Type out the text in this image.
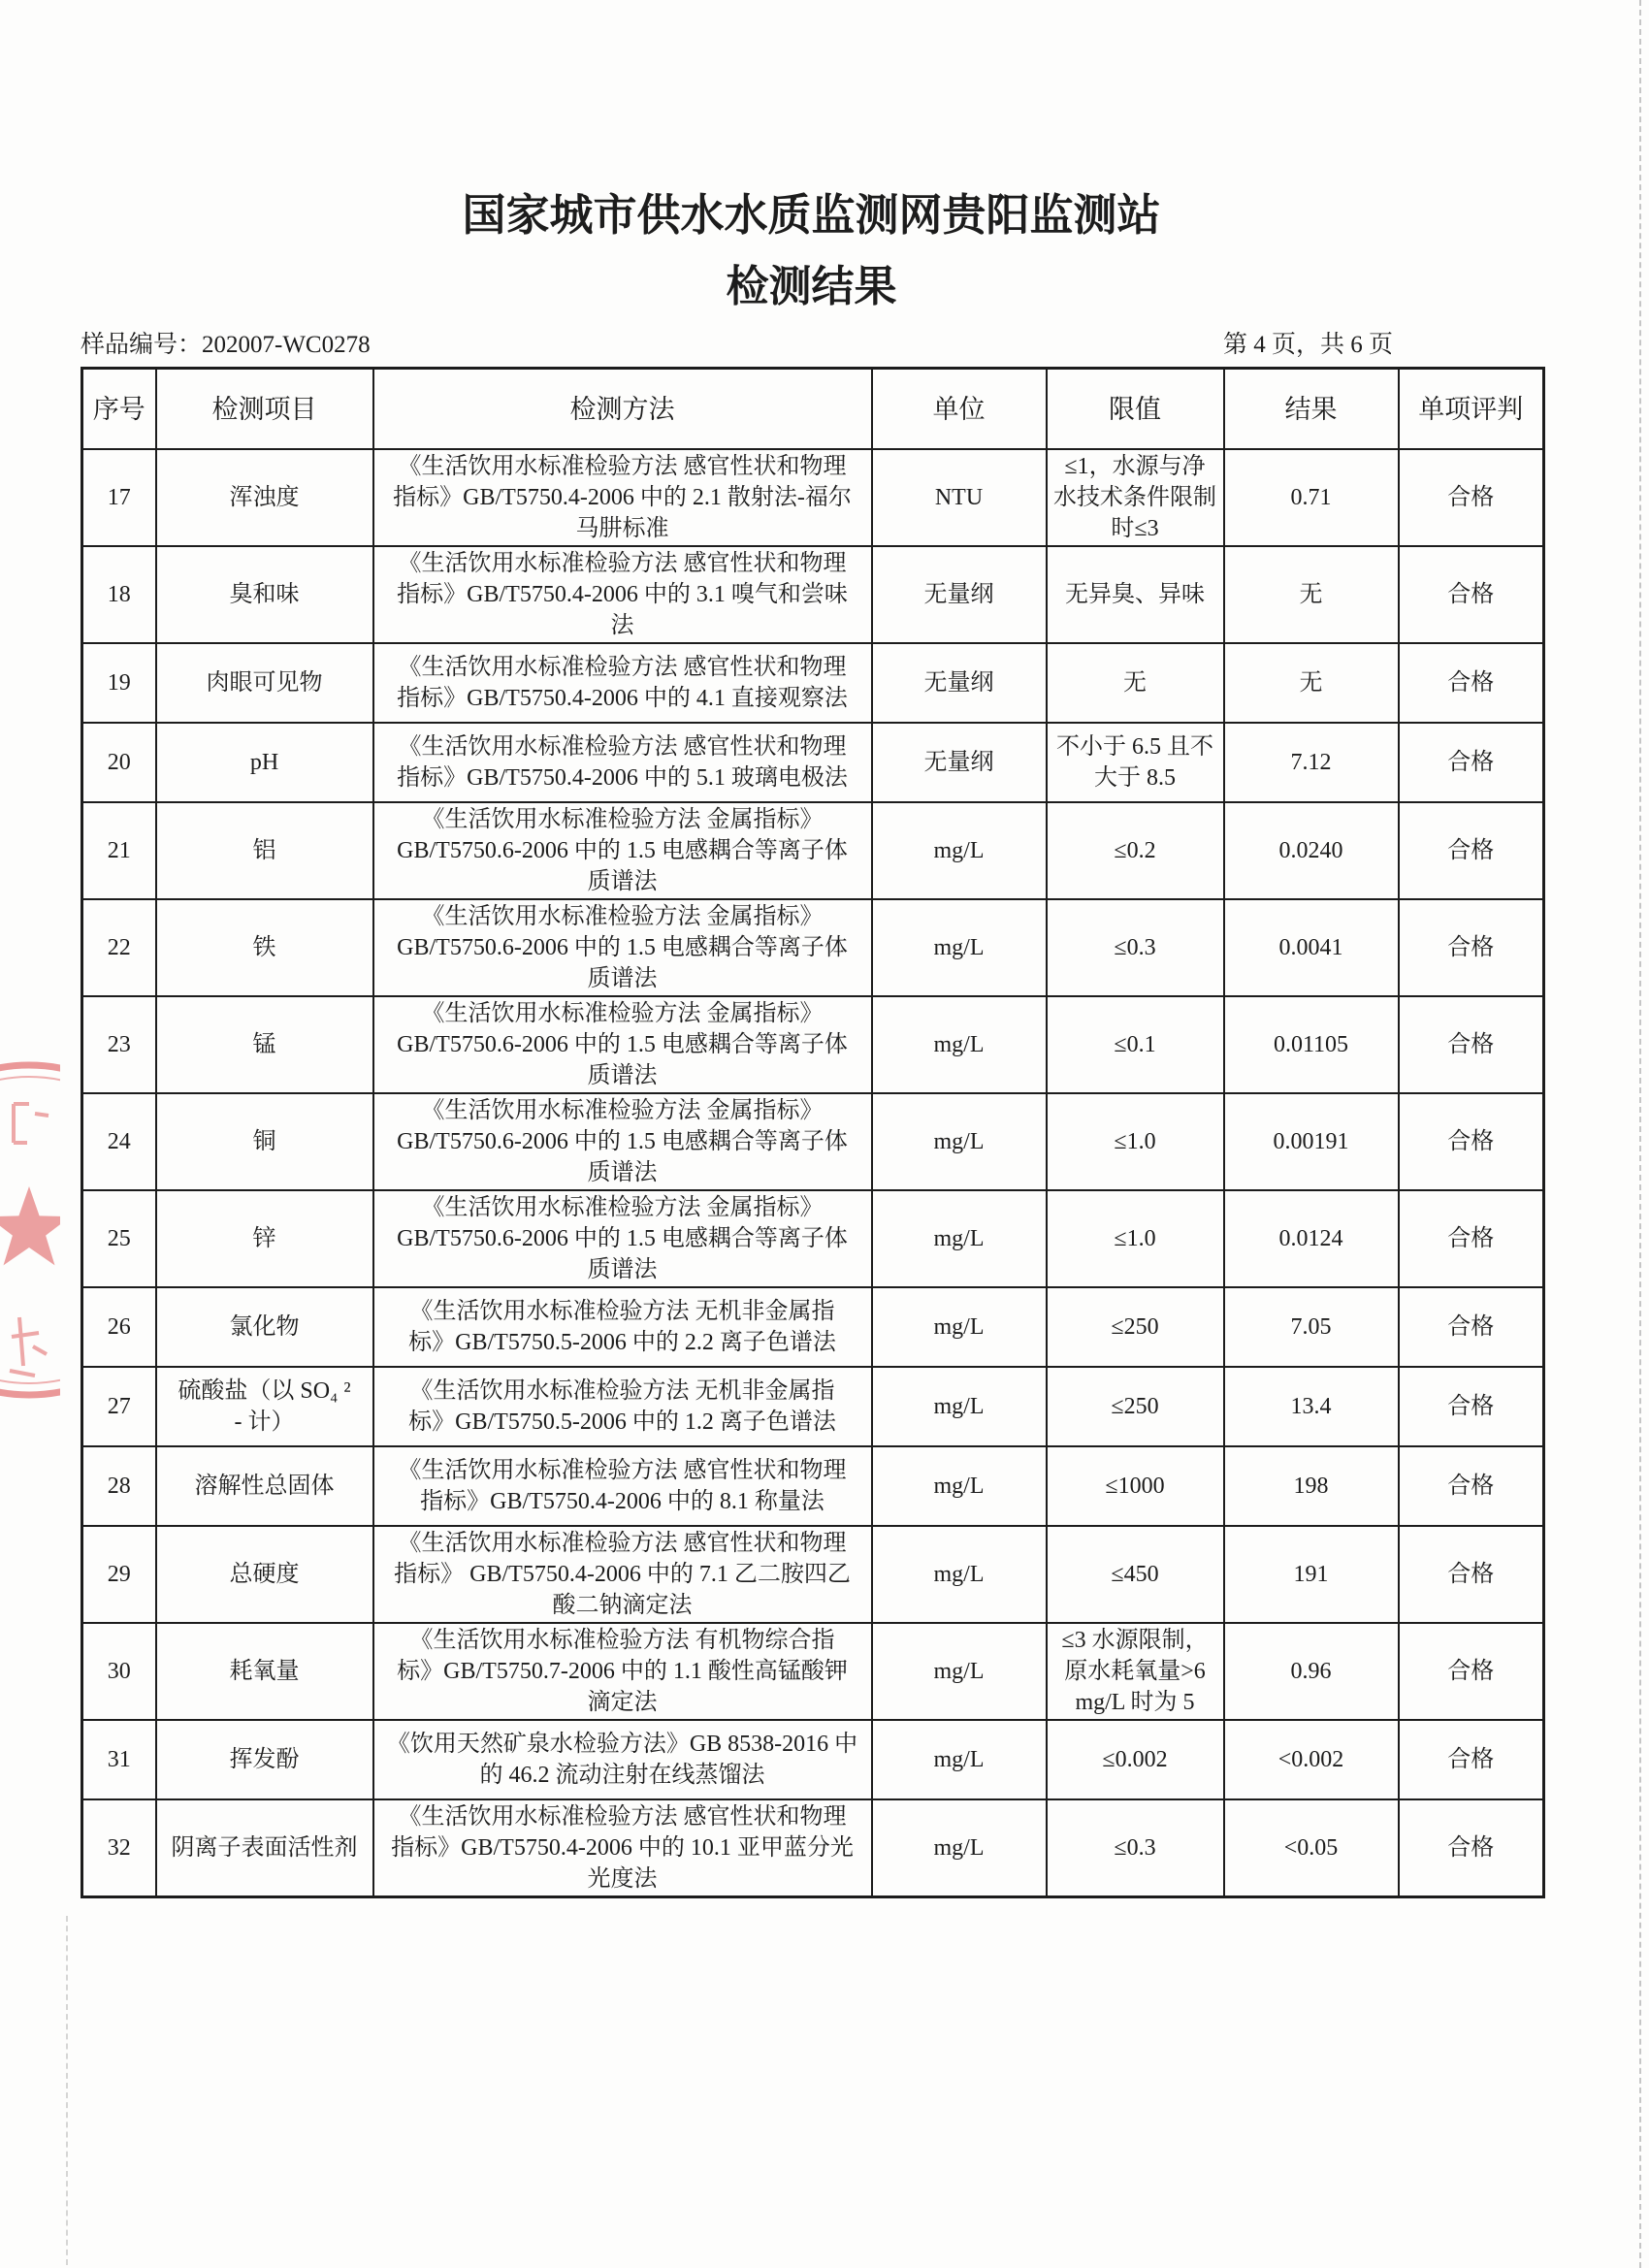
国家城市供水水质监测网贵阳监测站
检测结果
样品编号：202007-WC0278	第 4 页，共 6 页
序号	检测项目	检测方法	单位	限值	结果	单项评判
17	浑浊度	《生活饮用水标准检验方法 感官性状和物理
指标》GB/T5750.4-2006 中的 2.1 散射法-福尔
马肼标准	NTU	≤1，水源与净
水技术条件限制
时≤3	0.71	合格
18	臭和味	《生活饮用水标准检验方法 感官性状和物理
指标》GB/T5750.4-2006 中的 3.1 嗅气和尝味
法	无量纲	无异臭、异味	无	合格
19	肉眼可见物	《生活饮用水标准检验方法 感官性状和物理
指标》GB/T5750.4-2006 中的 4.1 直接观察法	无量纲	无	无	合格
20	pH	《生活饮用水标准检验方法 感官性状和物理
指标》GB/T5750.4-2006 中的 5.1 玻璃电极法	无量纲	不小于 6.5 且不
大于 8.5	7.12	合格
21	铝	《生活饮用水标准检验方法 金属指标》
GB/T5750.6-2006 中的 1.5 电感耦合等离子体
质谱法	mg/L	≤0.2	0.0240	合格
22	铁	《生活饮用水标准检验方法 金属指标》
GB/T5750.6-2006 中的 1.5 电感耦合等离子体
质谱法	mg/L	≤0.3	0.0041	合格
23	锰	《生活饮用水标准检验方法 金属指标》
GB/T5750.6-2006 中的 1.5 电感耦合等离子体
质谱法	mg/L	≤0.1	0.01105	合格
24	铜	《生活饮用水标准检验方法 金属指标》
GB/T5750.6-2006 中的 1.5 电感耦合等离子体
质谱法	mg/L	≤1.0	0.00191	合格
25	锌	《生活饮用水标准检验方法 金属指标》
GB/T5750.6-2006 中的 1.5 电感耦合等离子体
质谱法	mg/L	≤1.0	0.0124	合格
26	氯化物	《生活饮用水标准检验方法 无机非金属指
标》GB/T5750.5-2006 中的 2.2 离子色谱法	mg/L	≤250	7.05	合格
27	硫酸盐（以 SO₄ ²
- 计）	《生活饮用水标准检验方法 无机非金属指
标》GB/T5750.5-2006 中的 1.2 离子色谱法	mg/L	≤250	13.4	合格
28	溶解性总固体	《生活饮用水标准检验方法 感官性状和物理
指标》GB/T5750.4-2006 中的 8.1 称量法	mg/L	≤1000	198	合格
29	总硬度	《生活饮用水标准检验方法 感官性状和物理
指标》 GB/T5750.4-2006 中的 7.1 乙二胺四乙
酸二钠滴定法	mg/L	≤450	191	合格
30	耗氧量	《生活饮用水标准检验方法 有机物综合指
标》GB/T5750.7-2006 中的 1.1 酸性高锰酸钾
滴定法	mg/L	≤3 水源限制，
原水耗氧量>6
mg/L 时为 5	0.96	合格
31	挥发酚	《饮用天然矿泉水检验方法》GB 8538-2016 中
的 46.2 流动注射在线蒸馏法	mg/L	≤0.002	<0.002	合格
32	阴离子表面活性剂	《生活饮用水标准检验方法 感官性状和物理
指标》GB/T5750.4-2006 中的 10.1 亚甲蓝分光
光度法	mg/L	≤0.3	<0.05	合格
